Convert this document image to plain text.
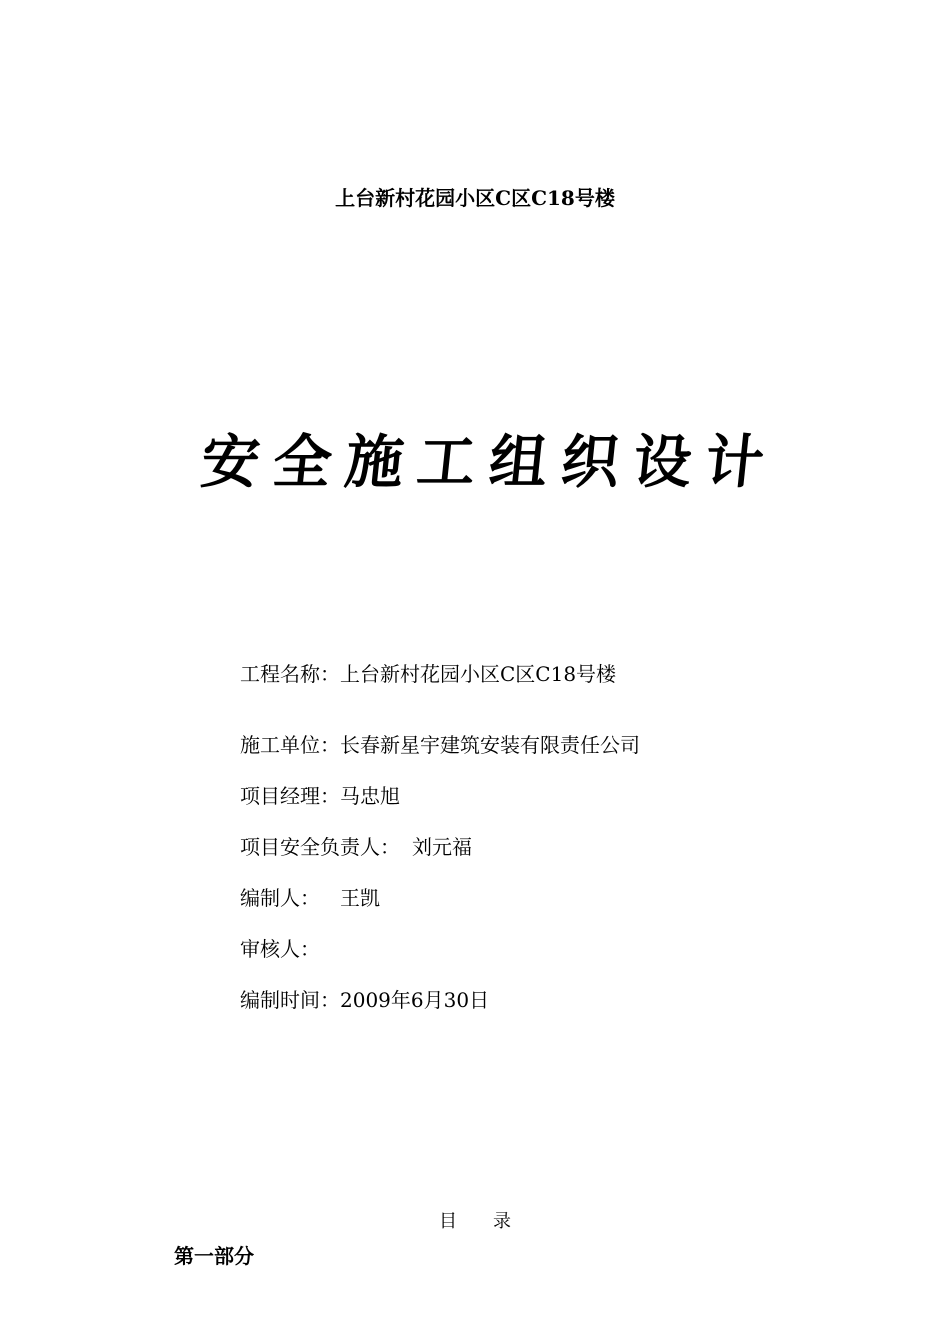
上台新村花园小区C区C18号楼
安全施工组织设计
工程名称：上台新村花园小区C区C18号楼
施工单位：长春新星宇建筑安装有限责任公司
项目经理：马忠旭
项目安全负责人： 刘元福
编制人： 王凯
审核人：
编制时间：2009年6月30日
目录
第一部分
